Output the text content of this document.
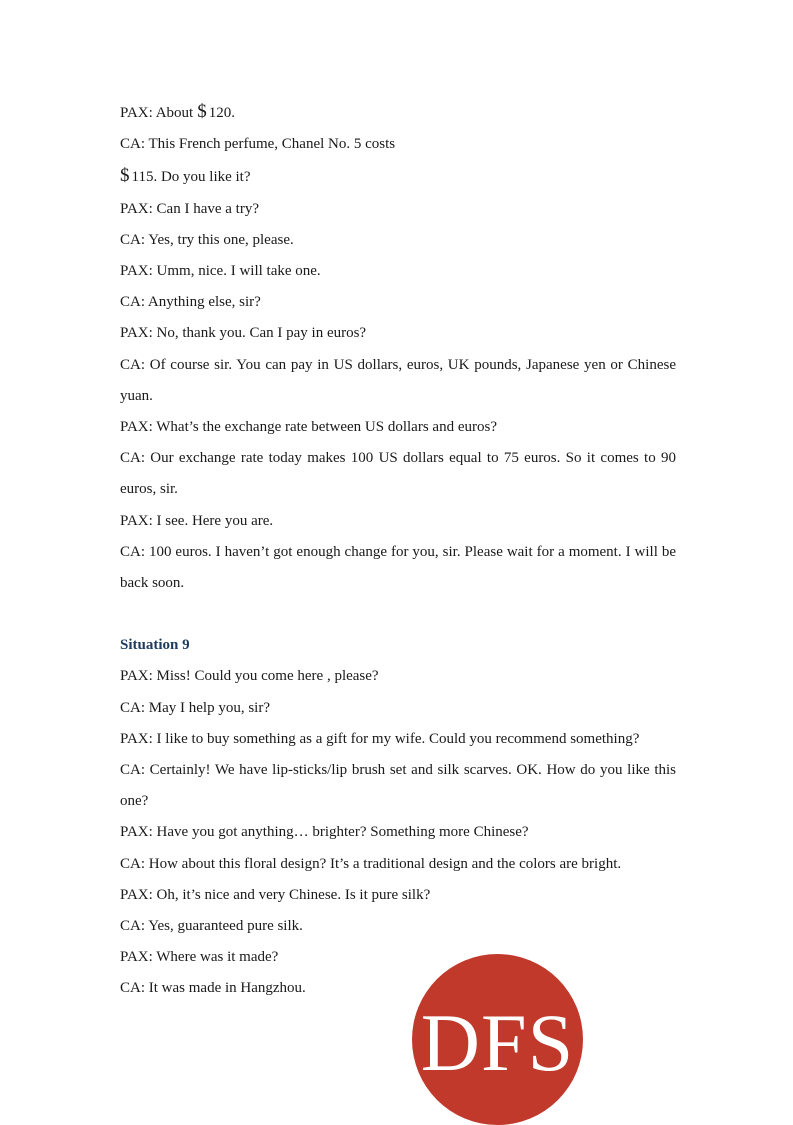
PAX: About $ 120.

CA: This French perfume, Chanel No. 5 costs

$ 115. Do you like it?

PAX: Can I have a try?

CA: Yes, try this one, please.

PAX: Umm, nice. I will take one.

CA: Anything else, sir?

PAX: No, thank you. Can I pay in euros?

CA: Of course sir. You can pay in US dollars, euros, UK pounds, Japanese yen or Chinese yuan.

PAX: What’s the exchange rate between US dollars and euros?

CA: Our exchange rate today makes 100 US dollars equal to 75 euros. So it comes to 90 euros, sir.

PAX: I see. Here you are.

CA: 100 euros. I haven’t got enough change for you, sir. Please wait for a moment. I will be back soon.

Situation 9

PAX: Miss! Could you come here , please?

CA: May I help you, sir?

PAX: I like to buy something as a gift for my wife. Could you recommend something?

CA: Certainly! We have lip-sticks/lip brush set and silk scarves. OK. How do you like this one?

PAX: Have you got anything… brighter? Something more Chinese?

CA: How about this floral design? It’s a traditional design and the colors are bright.

PAX: Oh, it’s nice and very Chinese. Is it pure silk?

CA: Yes, guaranteed pure silk.

PAX: Where was it made?

CA: It was made in Hangzhou.

DFS
